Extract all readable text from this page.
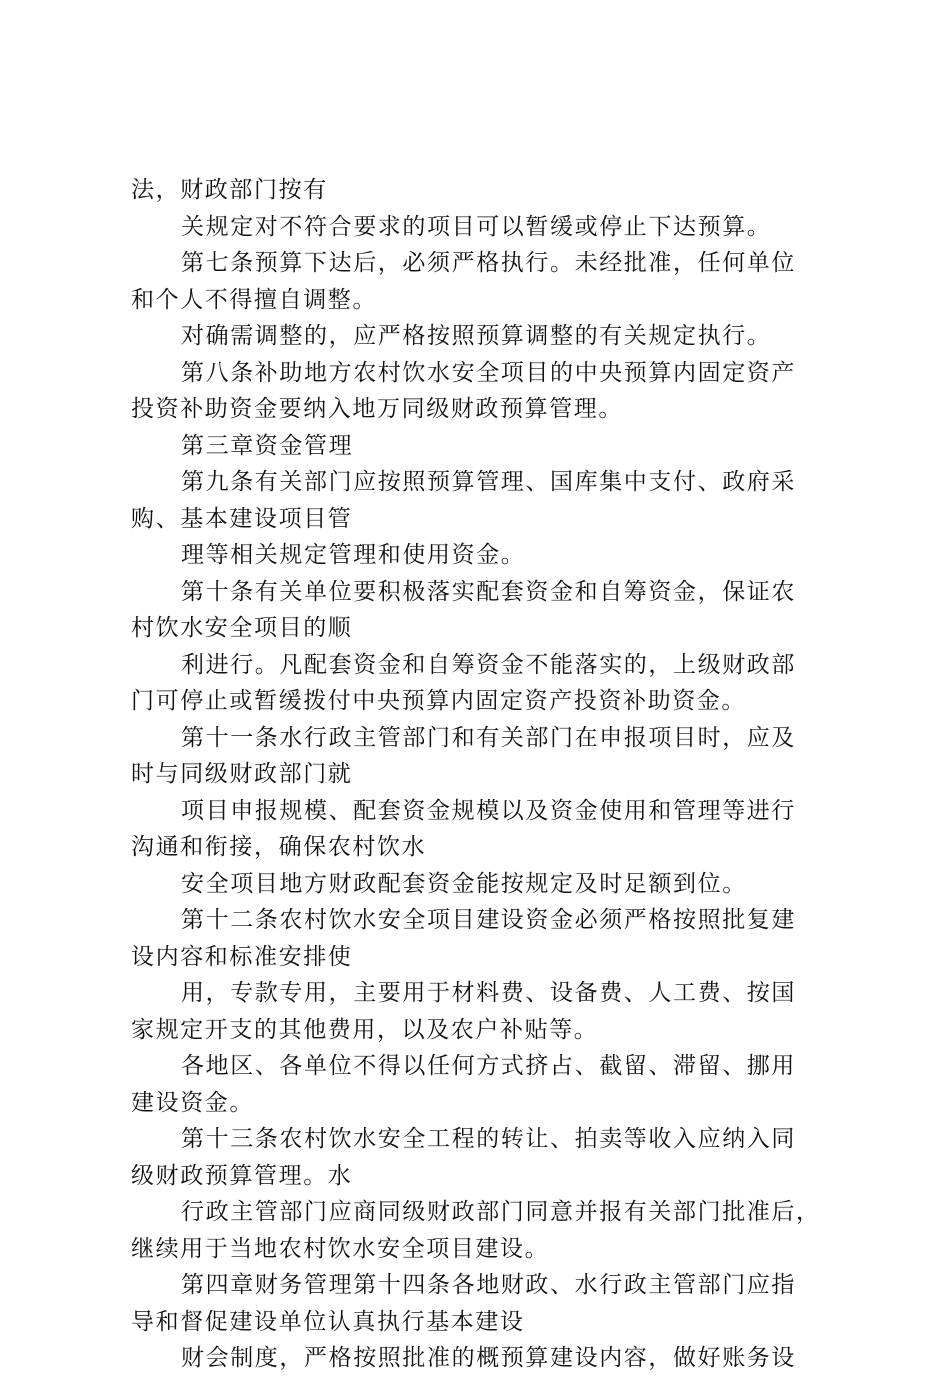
法，财政部门按有
关规定对不符合要求的项目可以暂缓或停止下达预算。
第七条预算下达后，必须严格执行。未经批准，任何单位
和个人不得擅自调整。
对确需调整的，应严格按照预算调整的有关规定执行。
第八条补助地方农村饮水安全项目的中央预算内固定资产
投资补助资金要纳入地万同级财政预算管理。
第三章资金管理
第九条有关部门应按照预算管理、国库集中支付、政府采
购、基本建设项目管
理等相关规定管理和使用资金。
第十条有关单位要积极落实配套资金和自筹资金，保证农
村饮水安全项目的顺
利进行。凡配套资金和自筹资金不能落实的，上级财政部
门可停止或暂缓拨付中央预算内固定资产投资补助资金。
第十一条水行政主管部门和有关部门在申报项目时，应及
时与同级财政部门就
项目申报规模、配套资金规模以及资金使用和管理等进行
沟通和衔接，确保农村饮水
安全项目地方财政配套资金能按规定及时足额到位。
第十二条农村饮水安全项目建设资金必须严格按照批复建
设内容和标准安排使
用，专款专用，主要用于材料费、设备费、人工费、按国
家规定开支的其他费用，以及农户补贴等。
各地区、各单位不得以任何方式挤占、截留、滞留、挪用
建设资金。
第十三条农村饮水安全工程的转让、拍卖等收入应纳入同
级财政预算管理。水
行政主管部门应商同级财政部门同意并报有关部门批准后，
继续用于当地农村饮水安全项目建设。
第四章财务管理第十四条各地财政、水行政主管部门应指
导和督促建设单位认真执行基本建设
财会制度，严格按照批准的概预算建设内容，做好账务设
